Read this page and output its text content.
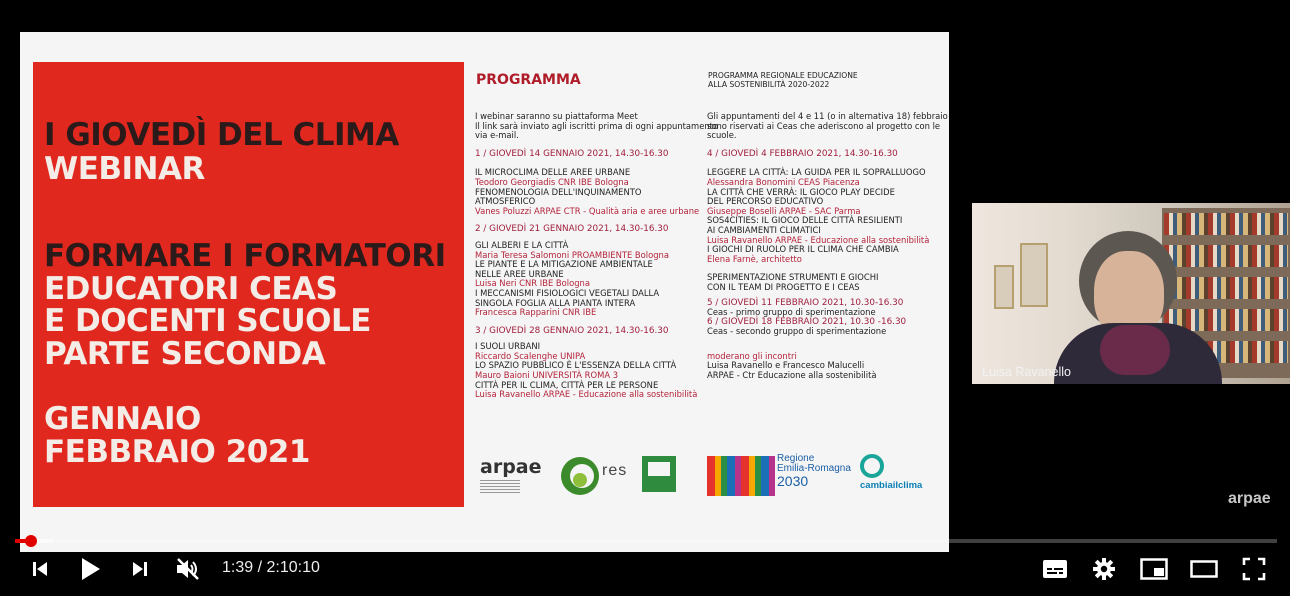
I GIOVEDÌ DEL CLIMA
WEBINAR
FORMARE I FORMATORI
EDUCATORI CEAS
E DOCENTI SCUOLE
PARTE SECONDA
GENNAIO
FEBBRAIO 2021
PROGRAMMA	PROGRAMMA REGIONALE EDUCAZIONE
ALLA SOSTENIBILITÀ 2020-2022
I webinar saranno su piattaforma Meet
Il link sarà inviato agli iscritti prima di ogni appuntamento
via e-mail.
1 / GIOVEDÌ 14 GENNAIO 2021, 14.30-16.30
IL MICROCLIMA DELLE AREE URBANE
Teodoro Georgiadis CNR IBE Bologna
FENOMENOLOGIA DELL'INQUINAMENTO
ATMOSFERICO
Vanes Poluzzi ARPAE CTR - Qualità aria e aree urbane
2 / GIOVEDÌ 21 GENNAIO 2021, 14.30-16.30
GLI ALBERI E LA CITTÀ
Maria Teresa Salomoni PROAMBIENTE Bologna
LE PIANTE E LA MITIGAZIONE AMBIENTALE
NELLE AREE URBANE
Luisa Neri CNR IBE Bologna
I MECCANISMI FISIOLOGICI VEGETALI DALLA
SINGOLA FOGLIA ALLA PIANTA INTERA
Francesca Rapparini CNR IBE
3 / GIOVEDÌ 28 GENNAIO 2021, 14.30-16.30
I SUOLI URBANI
Riccardo Scalenghe UNIPA
LO SPAZIO PUBBLICO È L'ESSENZA DELLA CITTÀ
Mauro Baioni UNIVERSITÀ ROMA 3
CITTÀ PER IL CLIMA, CITTÀ PER LE PERSONE
Luisa Ravanello ARPAE - Educazione alla sostenibilità
Gli appuntamenti del 4 e 11 (o in alternativa 18) febbraio
sono riservati ai Ceas che aderiscono al progetto con le
scuole.
4 / GIOVEDÌ 4 FEBBRAIO 2021, 14.30-16.30
LEGGERE LA CITTÀ: LA GUIDA PER IL SOPRALLUOGO
Alessandra Bonomini CEAS Piacenza
LA CITTÀ CHE VERRÀ: IL GIOCO PLAY DECIDE
DEL PERCORSO EDUCATIVO
Giuseppe Boselli ARPAE - SAC Parma
SOS4CITIES: IL GIOCO DELLE CITTÀ RESILIENTI
AI CAMBIAMENTI CLIMATICI
Luisa Ravanello ARPAE - Educazione alla sostenibilità
I GIOCHI DI RUOLO PER IL CLIMA CHE CAMBIA
Elena Farnè, architetto
SPERIMENTAZIONE STRUMENTI E GIOCHI
CON IL TEAM DI PROGETTO E I CEAS
5 / GIOVEDÌ 11 FEBBRAIO 2021, 10.30-16.30
Ceas - primo gruppo di sperimentazione
6 / GIOVEDÌ 18 FEBBRAIO 2021, 10.30 -16.30
Ceas - secondo gruppo di sperimentazione
moderano gli incontri
Luisa Ravanello e Francesco Malucelli
ARPAE - Ctr Educazione alla sostenibilità
arpae	res
Regione
Emilia-Romagna
2030	cambiailclima
Luisa Ravanello
arpae
1:39 / 2:10:10
